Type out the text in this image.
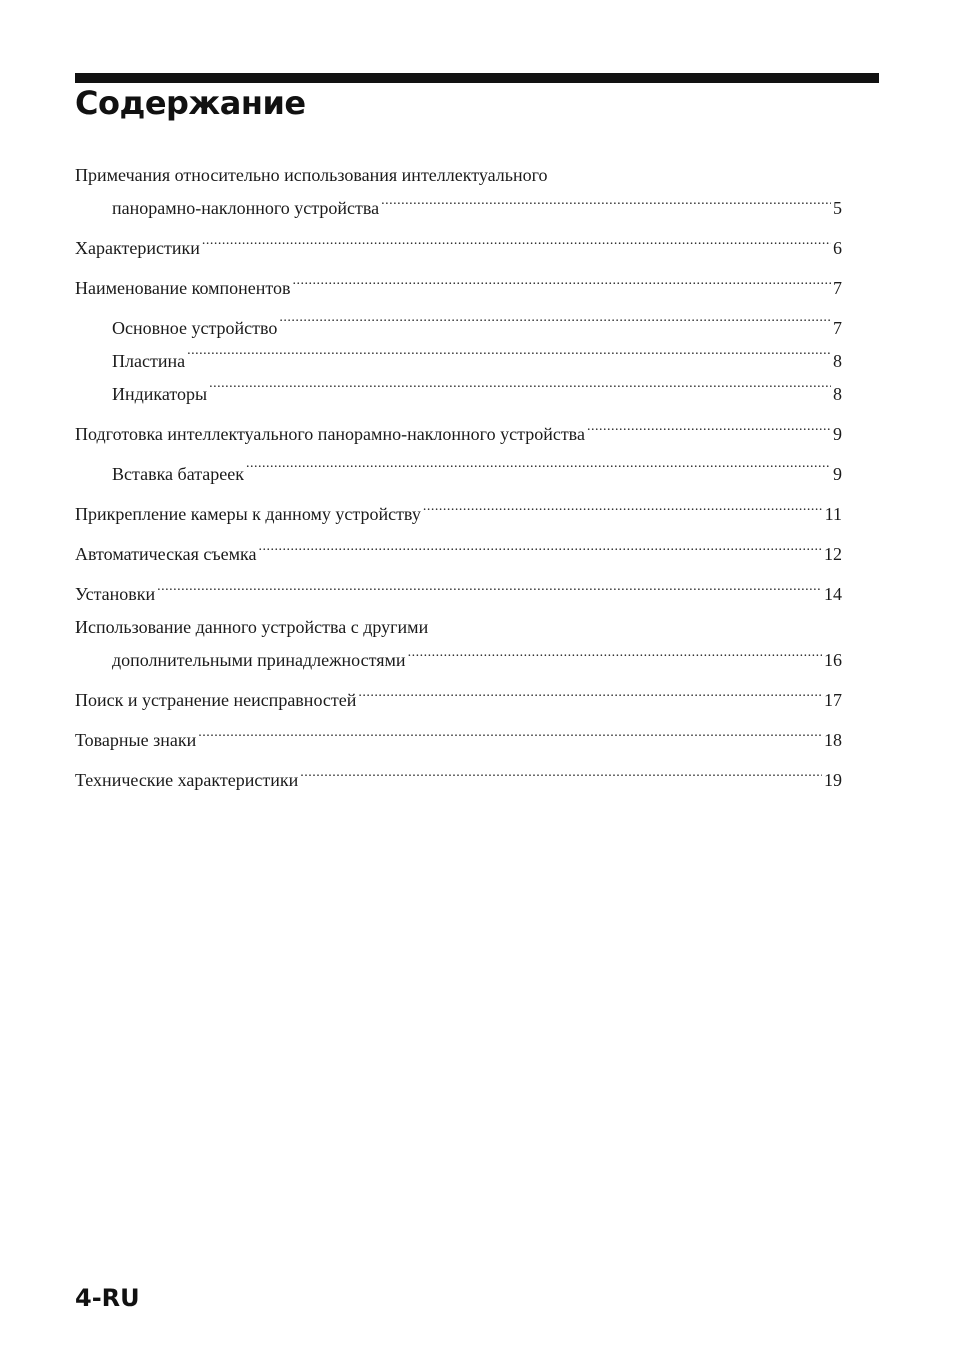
Содержание
Примечания относительно использования интеллектуального
панорамно-наклонного устройства .....	5
Характеристики .....	6
Наименование компонентов .....	7
Основное устройство .....	7
Пластина .....	8
Индикаторы .....	8
Подготовка интеллектуального панорамно-наклонного устройства .....	9
Вставка батареек .....	9
Прикрепление камеры к данному устройству .....	11
Автоматическая съемка .....	12
Установки .....	14
Использование данного устройства с другими
дополнительными принадлежностями .....	16
Поиск и устранение неисправностей .....	17
Товарные знаки .....	18
Технические характеристики .....	19
4-RU
